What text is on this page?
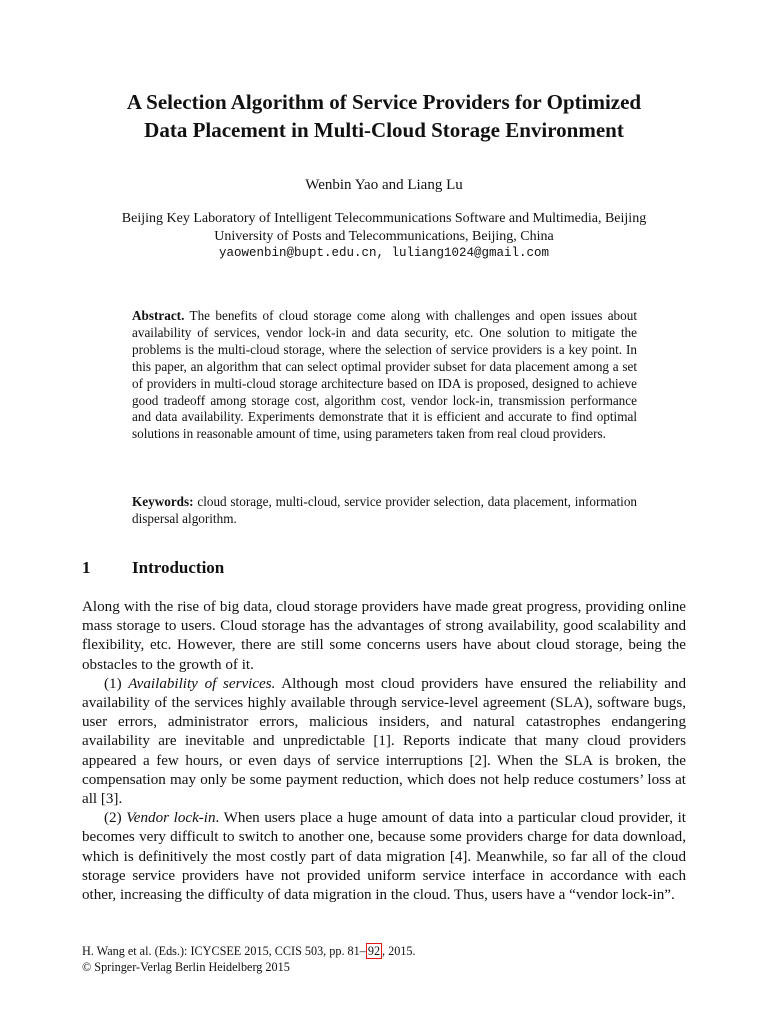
A Selection Algorithm of Service Providers for Optimized
Data Placement in Multi-Cloud Storage Environment
Wenbin Yao and Liang Lu
Beijing Key Laboratory of Intelligent Telecommunications Software and Multimedia, Beijing
University of Posts and Telecommunications, Beijing, China
yaowenbin@bupt.edu.cn, luliang1024@gmail.com
Abstract. The benefits of cloud storage come along with challenges and open issues about availability of services, vendor lock-in and data security, etc. One solution to mitigate the problems is the multi-cloud storage, where the selection of service providers is a key point. In this paper, an algorithm that can select optimal provider subset for data placement among a set of providers in multi-cloud storage architecture based on IDA is proposed, designed to achieve good tradeoff among storage cost, algorithm cost, vendor lock-in, transmission performance and data availability. Experiments demonstrate that it is efficient and accurate to find optimal solutions in reasonable amount of time, using parameters taken from real cloud providers.
Keywords: cloud storage, multi-cloud, service provider selection, data placement, information dispersal algorithm.
1 Introduction

Along with the rise of big data, cloud storage providers have made great progress, providing online mass storage to users. Cloud storage has the advantages of strong availability, good scalability and flexibility, etc. However, there are still some concerns users have about cloud storage, being the obstacles to the growth of it.

(1) Availability of services. Although most cloud providers have ensured the reliability and availability of the services highly available through service-level agreement (SLA), software bugs, user errors, administrator errors, malicious insiders, and natural catastrophes endangering availability are inevitable and unpredictable [1]. Reports indicate that many cloud providers appeared a few hours, or even days of service interruptions [2]. When the SLA is broken, the compensation may only be some payment reduction, which does not help reduce costumers’ loss at all [3].

(2) Vendor lock-in. When users place a huge amount of data into a particular cloud provider, it becomes very difficult to switch to another one, because some providers charge for data download, which is definitively the most costly part of data migration [4]. Meanwhile, so far all of the cloud storage service providers have not provided uniform service interface in accordance with each other, increasing the difficulty of data migration in the cloud. Thus, users have a “vendor lock-in”.

H. Wang et al. (Eds.): ICYCSEE 2015, CCIS 503, pp. 81– 92 , 2015.
© Springer-Verlag Berlin Heidelberg 2015
